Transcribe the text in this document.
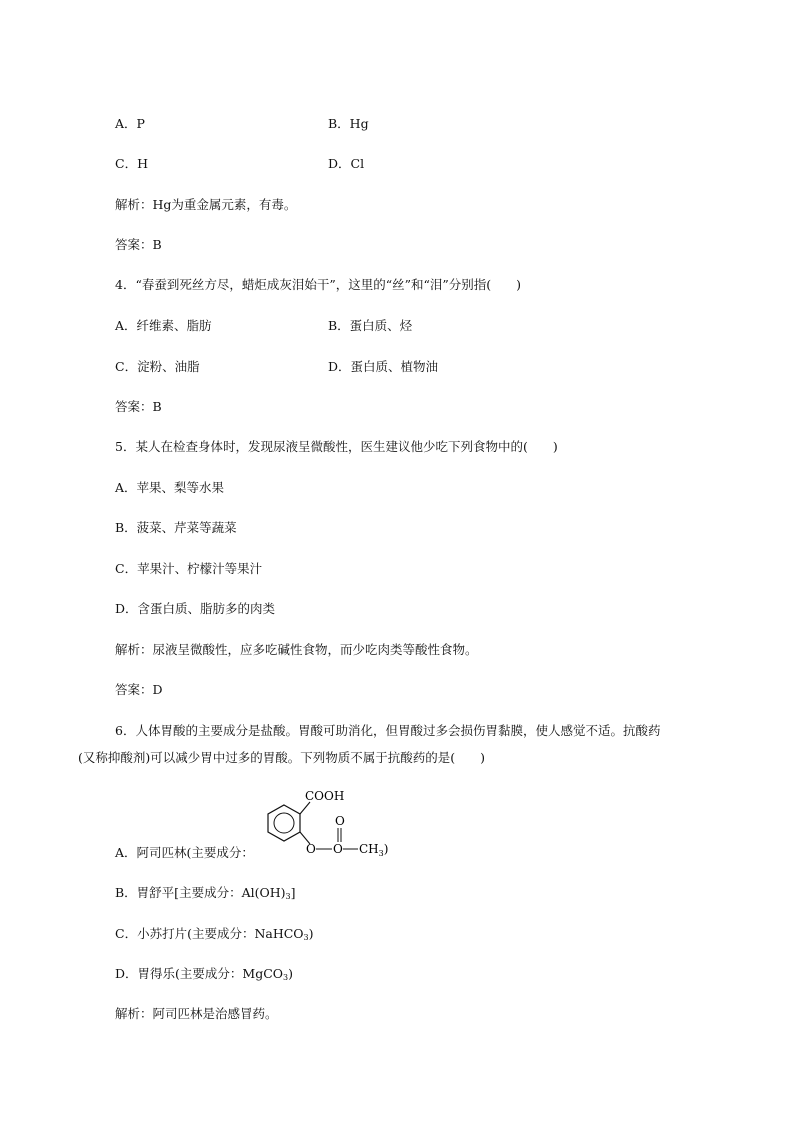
A．P	B．Hg
C．H	D．Cl
解析：Hg为重金属元素，有毒。
答案：B
4．“春蚕到死丝方尽，蜡炬成灰泪始干”，这里的“丝”和“泪”分别指(　　)
A．纤维素、脂肪	B．蛋白质、烃
C．淀粉、油脂	D．蛋白质、植物油
答案：B
5．某人在检查身体时，发现尿液呈微酸性，医生建议他少吃下列食物中的(　　)
A．苹果、梨等水果
B．菠菜、芹菜等蔬菜
C．苹果汁、柠檬汁等果汁
D．含蛋白质、脂肪多的肉类
解析：尿液呈微酸性，应多吃碱性食物，而少吃肉类等酸性食物。
答案：D
6．人体胃酸的主要成分是盐酸。胃酸可助消化，但胃酸过多会损伤胃黏膜，使人感觉不适。抗酸药
(又称抑酸剂)可以减少胃中过多的胃酸。下列物质不属于抗酸药的是(　　)
COOH
O O
O
$CH_3$)
A．阿司匹林(主要成分：
B．胃舒平[主要成分：$Al(OH)_3$]
C．小苏打片(主要成分：NaHCO$_3$)
D．胃得乐(主要成分：MgCO$_3$)
解析：阿司匹林是治感冒药。
